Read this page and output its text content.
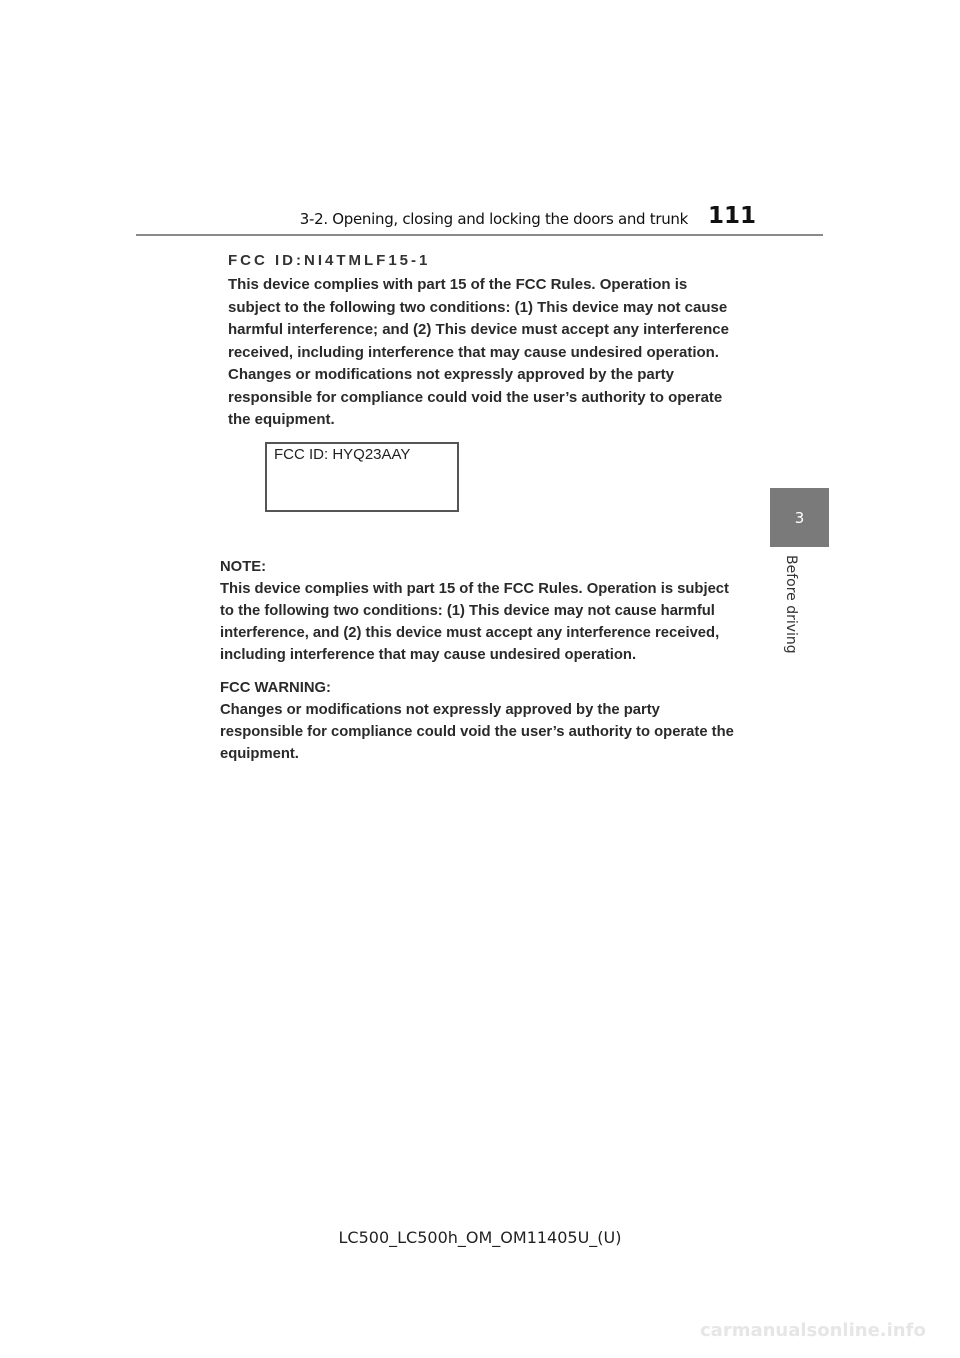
3-2. Opening, closing and locking the doors and trunk 111
3
Before driving
FCC ID:NI4TMLF15-1

This device complies with part 15 of the FCC Rules. Operation is

subject to the following two conditions: (1) This device may not cause

harmful interference; and (2) This device must accept any interference

received, including interference that may cause undesired operation.

Changes or modifications not expressly approved by the party

responsible for compliance could void the user’s authority to operate

the equipment.

FCC ID: HYQ23AAY

NOTE:

This device complies with part 15 of the FCC Rules. Operation is subject

to the following two conditions: (1) This device may not cause harmful

interference, and (2) this device must accept any interference received,

including interference that may cause undesired operation.

FCC WARNING:

Changes or modifications not expressly approved by the party

responsible for compliance could void the user’s authority to operate the

equipment.

LC500_LC500h_OM_OM11405U_(U)
carmanualsonline.info
